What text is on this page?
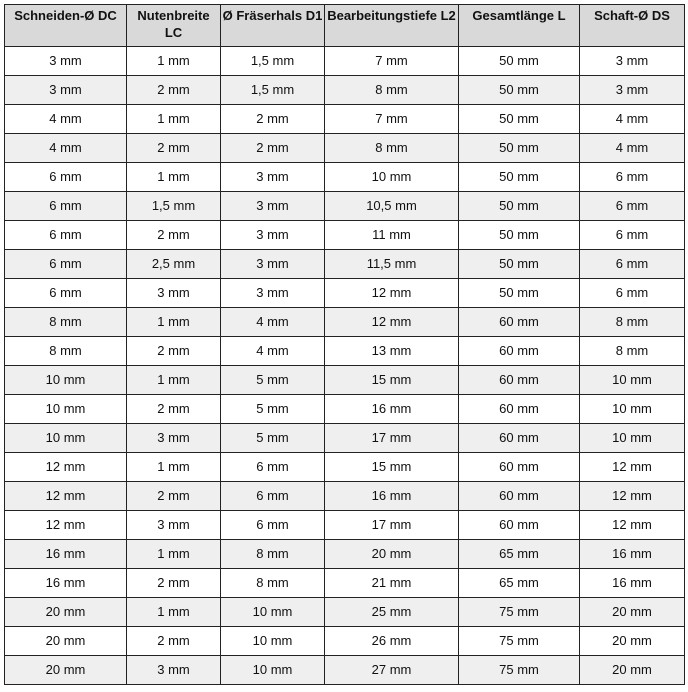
Schneiden-Ø DC	Nutenbreite LC	Ø Fräserhals D1	Bearbeitungstiefe L2	Gesamtlänge L	Schaft-Ø DS
3 mm	1 mm	1,5 mm	7 mm	50 mm	3 mm
3 mm	2 mm	1,5 mm	8 mm	50 mm	3 mm
4 mm	1 mm	2 mm	7 mm	50 mm	4 mm
4 mm	2 mm	2 mm	8 mm	50 mm	4 mm
6 mm	1 mm	3 mm	10 mm	50 mm	6 mm
6 mm	1,5 mm	3 mm	10,5 mm	50 mm	6 mm
6 mm	2 mm	3 mm	11 mm	50 mm	6 mm
6 mm	2,5 mm	3 mm	11,5 mm	50 mm	6 mm
6 mm	3 mm	3 mm	12 mm	50 mm	6 mm
8 mm	1 mm	4 mm	12 mm	60 mm	8 mm
8 mm	2 mm	4 mm	13 mm	60 mm	8 mm
10 mm	1 mm	5 mm	15 mm	60 mm	10 mm
10 mm	2 mm	5 mm	16 mm	60 mm	10 mm
10 mm	3 mm	5 mm	17 mm	60 mm	10 mm
12 mm	1 mm	6 mm	15 mm	60 mm	12 mm
12 mm	2 mm	6 mm	16 mm	60 mm	12 mm
12 mm	3 mm	6 mm	17 mm	60 mm	12 mm
16 mm	1 mm	8 mm	20 mm	65 mm	16 mm
16 mm	2 mm	8 mm	21 mm	65 mm	16 mm
20 mm	1 mm	10 mm	25 mm	75 mm	20 mm
20 mm	2 mm	10 mm	26 mm	75 mm	20 mm
20 mm	3 mm	10 mm	27 mm	75 mm	20 mm
